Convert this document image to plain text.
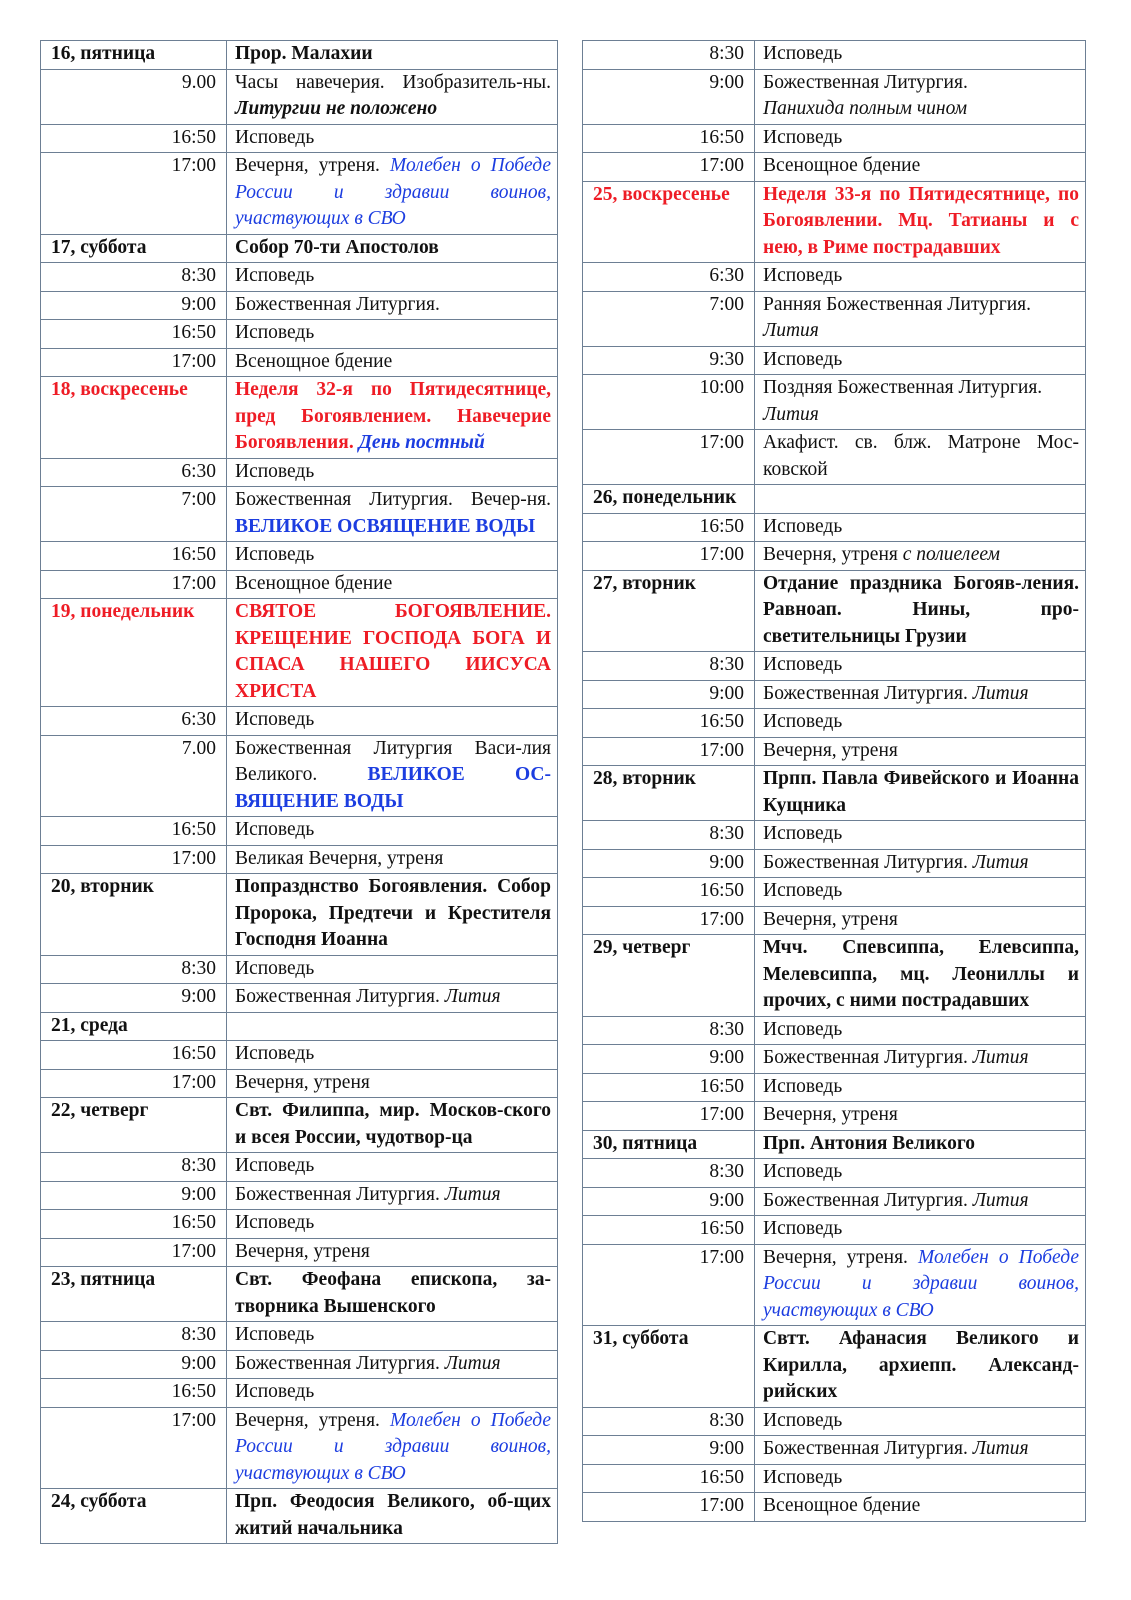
16, пятница	Прор. Малахии
9.00	Часы навечерия. Изобразитель-ны. Литургии не положено
16:50	Исповедь
17:00	Вечерня, утреня. Молебен о Победе России и здравии воинов, участвующих в СВО
17, суббота	Собор 70-ти Апостолов
8:30	Исповедь
9:00	Божественная Литургия.
16:50	Исповедь
17:00	Всенощное бдение
18, воскресенье	Неделя 32-я по Пятидесятнице, пред Богоявлением. Навечерие Богоявления. День постный
6:30	Исповедь
7:00	Божественная Литургия. Вечер-ня. ВЕЛИКОЕ ОСВЯЩЕНИЕ ВОДЫ
16:50	Исповедь
17:00	Всенощное бдение
19, понедельник	СВЯТОЕ БОГОЯВЛЕНИЕ. КРЕЩЕНИЕ ГОСПОДА БОГА И СПАСА НАШЕГО ИИСУСА ХРИСТА
6:30	Исповедь
7.00	Божественная Литургия Васи-лия Великого. ВЕЛИКОЕ ОС-ВЯЩЕНИЕ ВОДЫ
16:50	Исповедь
17:00	Великая Вечерня, утреня
20, вторник	Попразднство Богоявления. Собор Пророка, Предтечи и Крестителя Господня Иоанна
8:30	Исповедь
9:00	Божественная Литургия. Лития
21, среда	
16:50	Исповедь
17:00	Вечерня, утреня
22, четверг	Свт. Филиппа, мир. Москов-ского и всея России, чудотвор-ца
8:30	Исповедь
9:00	Божественная Литургия. Лития
16:50	Исповедь
17:00	Вечерня, утреня
23, пятница	Свт. Феофана епископа, за-творника Вышенского
8:30	Исповедь
9:00	Божественная Литургия. Лития
16:50	Исповедь
17:00	Вечерня, утреня. Молебен о Победе России и здравии воинов, участвующих в СВО
24, суббота	Прп. Феодосия Великого, об-щих житий начальника
8:30	Исповедь
9:00	Божественная Литургия.
Панихида полным чином
16:50	Исповедь
17:00	Всенощное бдение
25, воскресенье	Неделя 33-я по Пятидесятнице, по Богоявлении. Мц. Татианы и с нею, в Риме пострадавших
6:30	Исповедь
7:00	Ранняя Божественная Литургия.
Лития
9:30	Исповедь
10:00	Поздняя Божественная Литургия.
Лития
17:00	Акафист. св. блж. Матроне Мос-ковской
26, понедельник	
16:50	Исповедь
17:00	Вечерня, утреня с полиелеем
27, вторник	Отдание праздника Богояв-ления. Равноап. Нины, про-светительницы Грузии
8:30	Исповедь
9:00	Божественная Литургия. Лития
16:50	Исповедь
17:00	Вечерня, утреня
28, вторник	Прпп. Павла Фивейского и Иоанна Кущника
8:30	Исповедь
9:00	Божественная Литургия. Лития
16:50	Исповедь
17:00	Вечерня, утреня
29, четверг	Мчч. Спевсиппа, Елевсиппа, Мелевсиппа, мц. Леониллы и прочих, с ними пострадавших
8:30	Исповедь
9:00	Божественная Литургия. Лития
16:50	Исповедь
17:00	Вечерня, утреня
30, пятница	Прп. Антония Великого
8:30	Исповедь
9:00	Божественная Литургия. Лития
16:50	Исповедь
17:00	Вечерня, утреня. Молебен о Победе России и здравии воинов, участвующих в СВО
31, суббота	Свтт. Афанасия Великого и Кирилла, архиепп. Александ-рийских
8:30	Исповедь
9:00	Божественная Литургия. Лития
16:50	Исповедь
17:00	Всенощное бдение
